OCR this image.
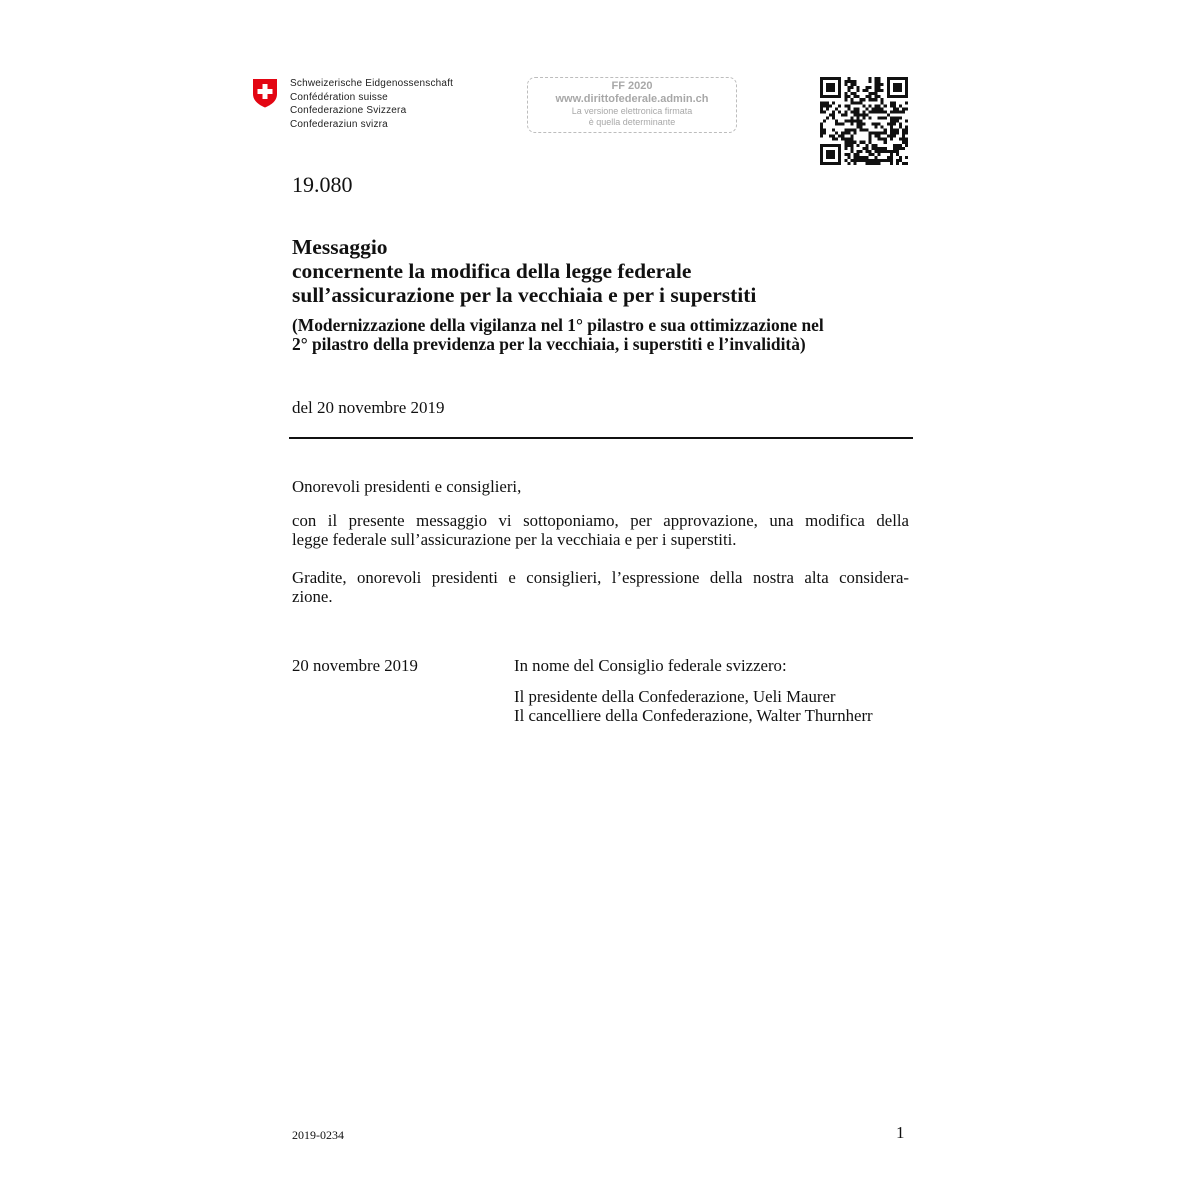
Schweizerische Eidgenossenschaft
Confédération suisse
Confederazione Svizzera
Confederaziun svizra
FF 2020
www.dirittofederale.admin.ch
La versione elettronica firmata
è quella determinante
19.080
Messaggio
concernente la modifica della legge federale
sull’assicurazione per la vecchiaia e per i superstiti
(Modernizzazione della vigilanza nel 1° pilastro e sua ottimizzazione nel
2° pilastro della previdenza per la vecchiaia, i superstiti e l’invalidità)
del 20 novembre 2019
Onorevoli presidenti e consiglieri,
con il presente messaggio vi sottoponiamo, per approvazione, una modifica della
legge federale sull’assicurazione per la vecchiaia e per i superstiti.
Gradite, onorevoli presidenti e consiglieri, l’espressione della nostra alta considera-
zione.
20 novembre 2019	In nome del Consiglio federale svizzero:
Il presidente della Confederazione, Ueli Maurer
Il cancelliere della Confederazione, Walter Thurnherr
2019-0234	1
